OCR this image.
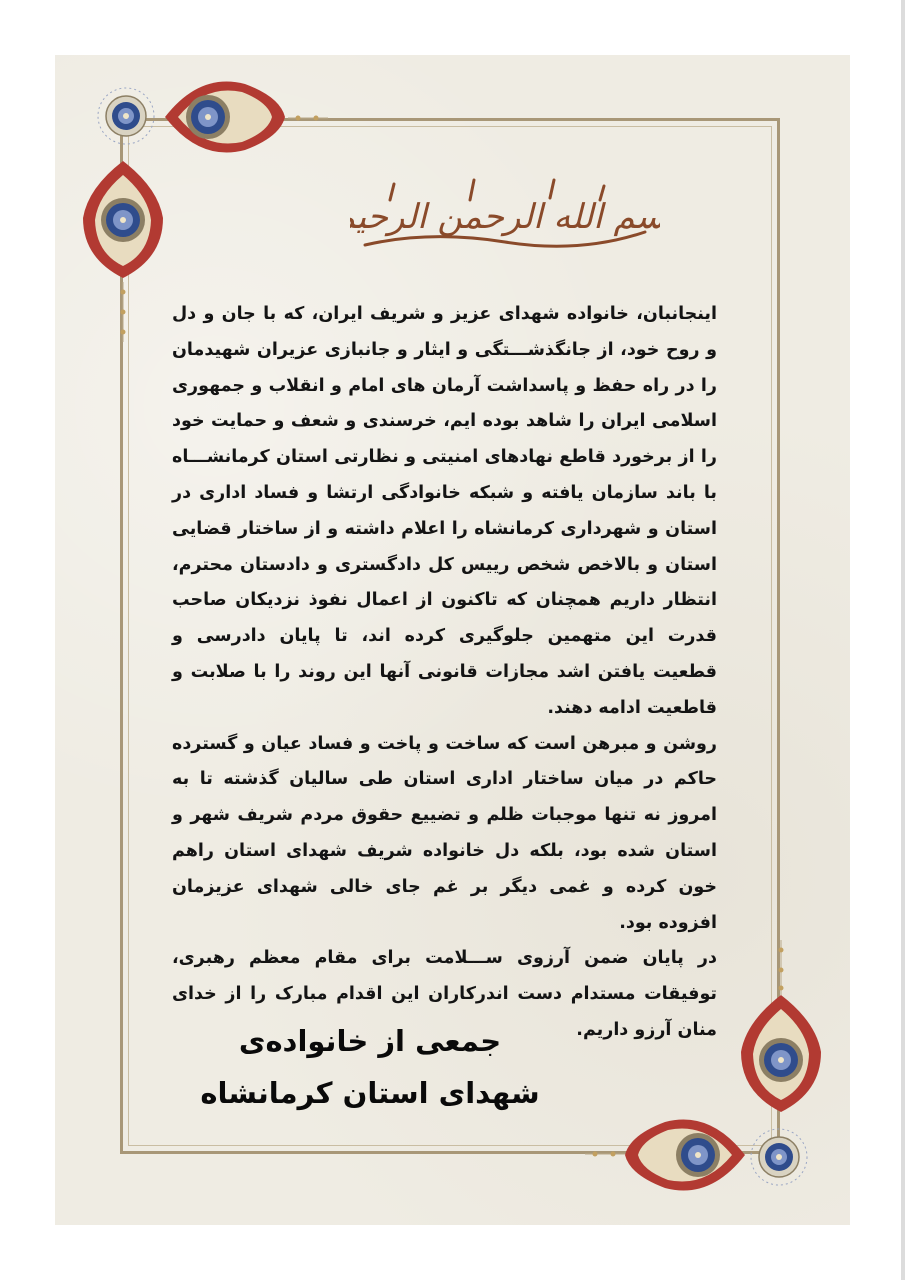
بسم الله الرحمن الرحیم

اینجانبان، خانواده شهدای عزیز و شریف ایران، که با جان و دل و روح خود، از جانگذشـــتگی و ایثار و جانبازی عزیران شهیدمان را در راه حفظ و پاسداشت آرمان های امام و انقلاب و جمهوری اسلامی ایران را شاهد بوده ایم، خرسندی و شعف و حمایت خود را از برخورد قاطع نهادهای امنیتی و نظارتی استان کرمانشـــاه با باند سازمان یافته و شبکه خانوادگی ارتشا و فساد اداری در استان و شهرداری کرمانشاه را اعلام داشته و از ساختار قضایی استان و بالاخص شخص رییس کل دادگستری و دادستان محترم، انتظار داریم همچنان که تاکنون از اعمال نفوذ نزدیکان صاحب قدرت این متهمین جلوگیری کرده اند، تا پایان دادرسی و قطعیت یافتن اشد مجازات قانونی آنها این روند را با صلابت و قاطعیت ادامه دهند.

روشن و مبرهن است که ساخت و پاخت و فساد عیان و گسترده حاکم در میان ساختار اداری استان طی سالیان گذشته تا به امروز نه تنها موجبات ظلم و تضییع حقوق مردم شریف شهر و استان شده بود، بلکه دل خانواده شریف شهدای استان راهم خون کرده و غمی دیگر بر غم جای خالی شهدای عزیزمان افزوده بود.

در پایان ضمن آرزوی ســـلامت برای مقام معظم رهبری، توفیقات مستدام دست اندرکاران این اقدام مبارک را از خدای منان آرزو داریم.

جمعی از خانواده‌ی
شهدای استان کرمانشاه
